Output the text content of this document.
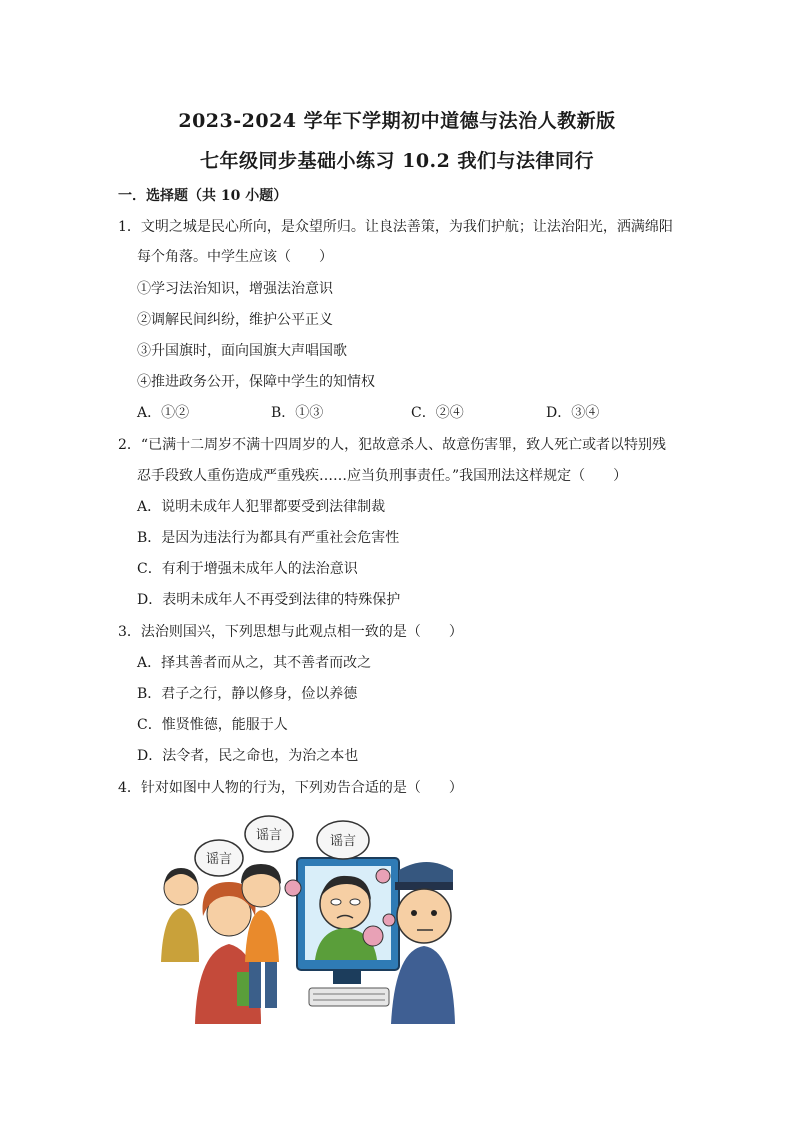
2023-2024 学年下学期初中道德与法治人教新版
七年级同步基础小练习 10.2 我们与法律同行
一．选择题（共 10 小题）
1．文明之城是民心所向，是众望所归。让良法善策，为我们护航；让法治阳光，洒满绵阳
每个角落。中学生应该（　　）
①学习法治知识，增强法治意识
②调解民间纠纷，维护公平正义
③升国旗时，面向国旗大声唱国歌
④推进政务公开，保障中学生的知情权
A．①②	B．①③	C．②④	D．③④
2．“已满十二周岁不满十四周岁的人，犯故意杀人、故意伤害罪，致人死亡或者以特别残
忍手段致人重伤造成严重残疾……应当负刑事责任。”我国刑法这样规定（　　）
A．说明未成年人犯罪都要受到法律制裁
B．是因为违法行为都具有严重社会危害性
C．有利于增强未成年人的法治意识
D．表明未成年人不再受到法律的特殊保护
3．法治则国兴，下列思想与此观点相一致的是（　　）
A．择其善者而从之，其不善者而改之
B．君子之行，静以修身，俭以养德
C．惟贤惟德，能服于人
D．法令者，民之命也，为治之本也
4．针对如图中人物的行为，下列劝告合适的是（　　）
谣言
谣言	谣言
